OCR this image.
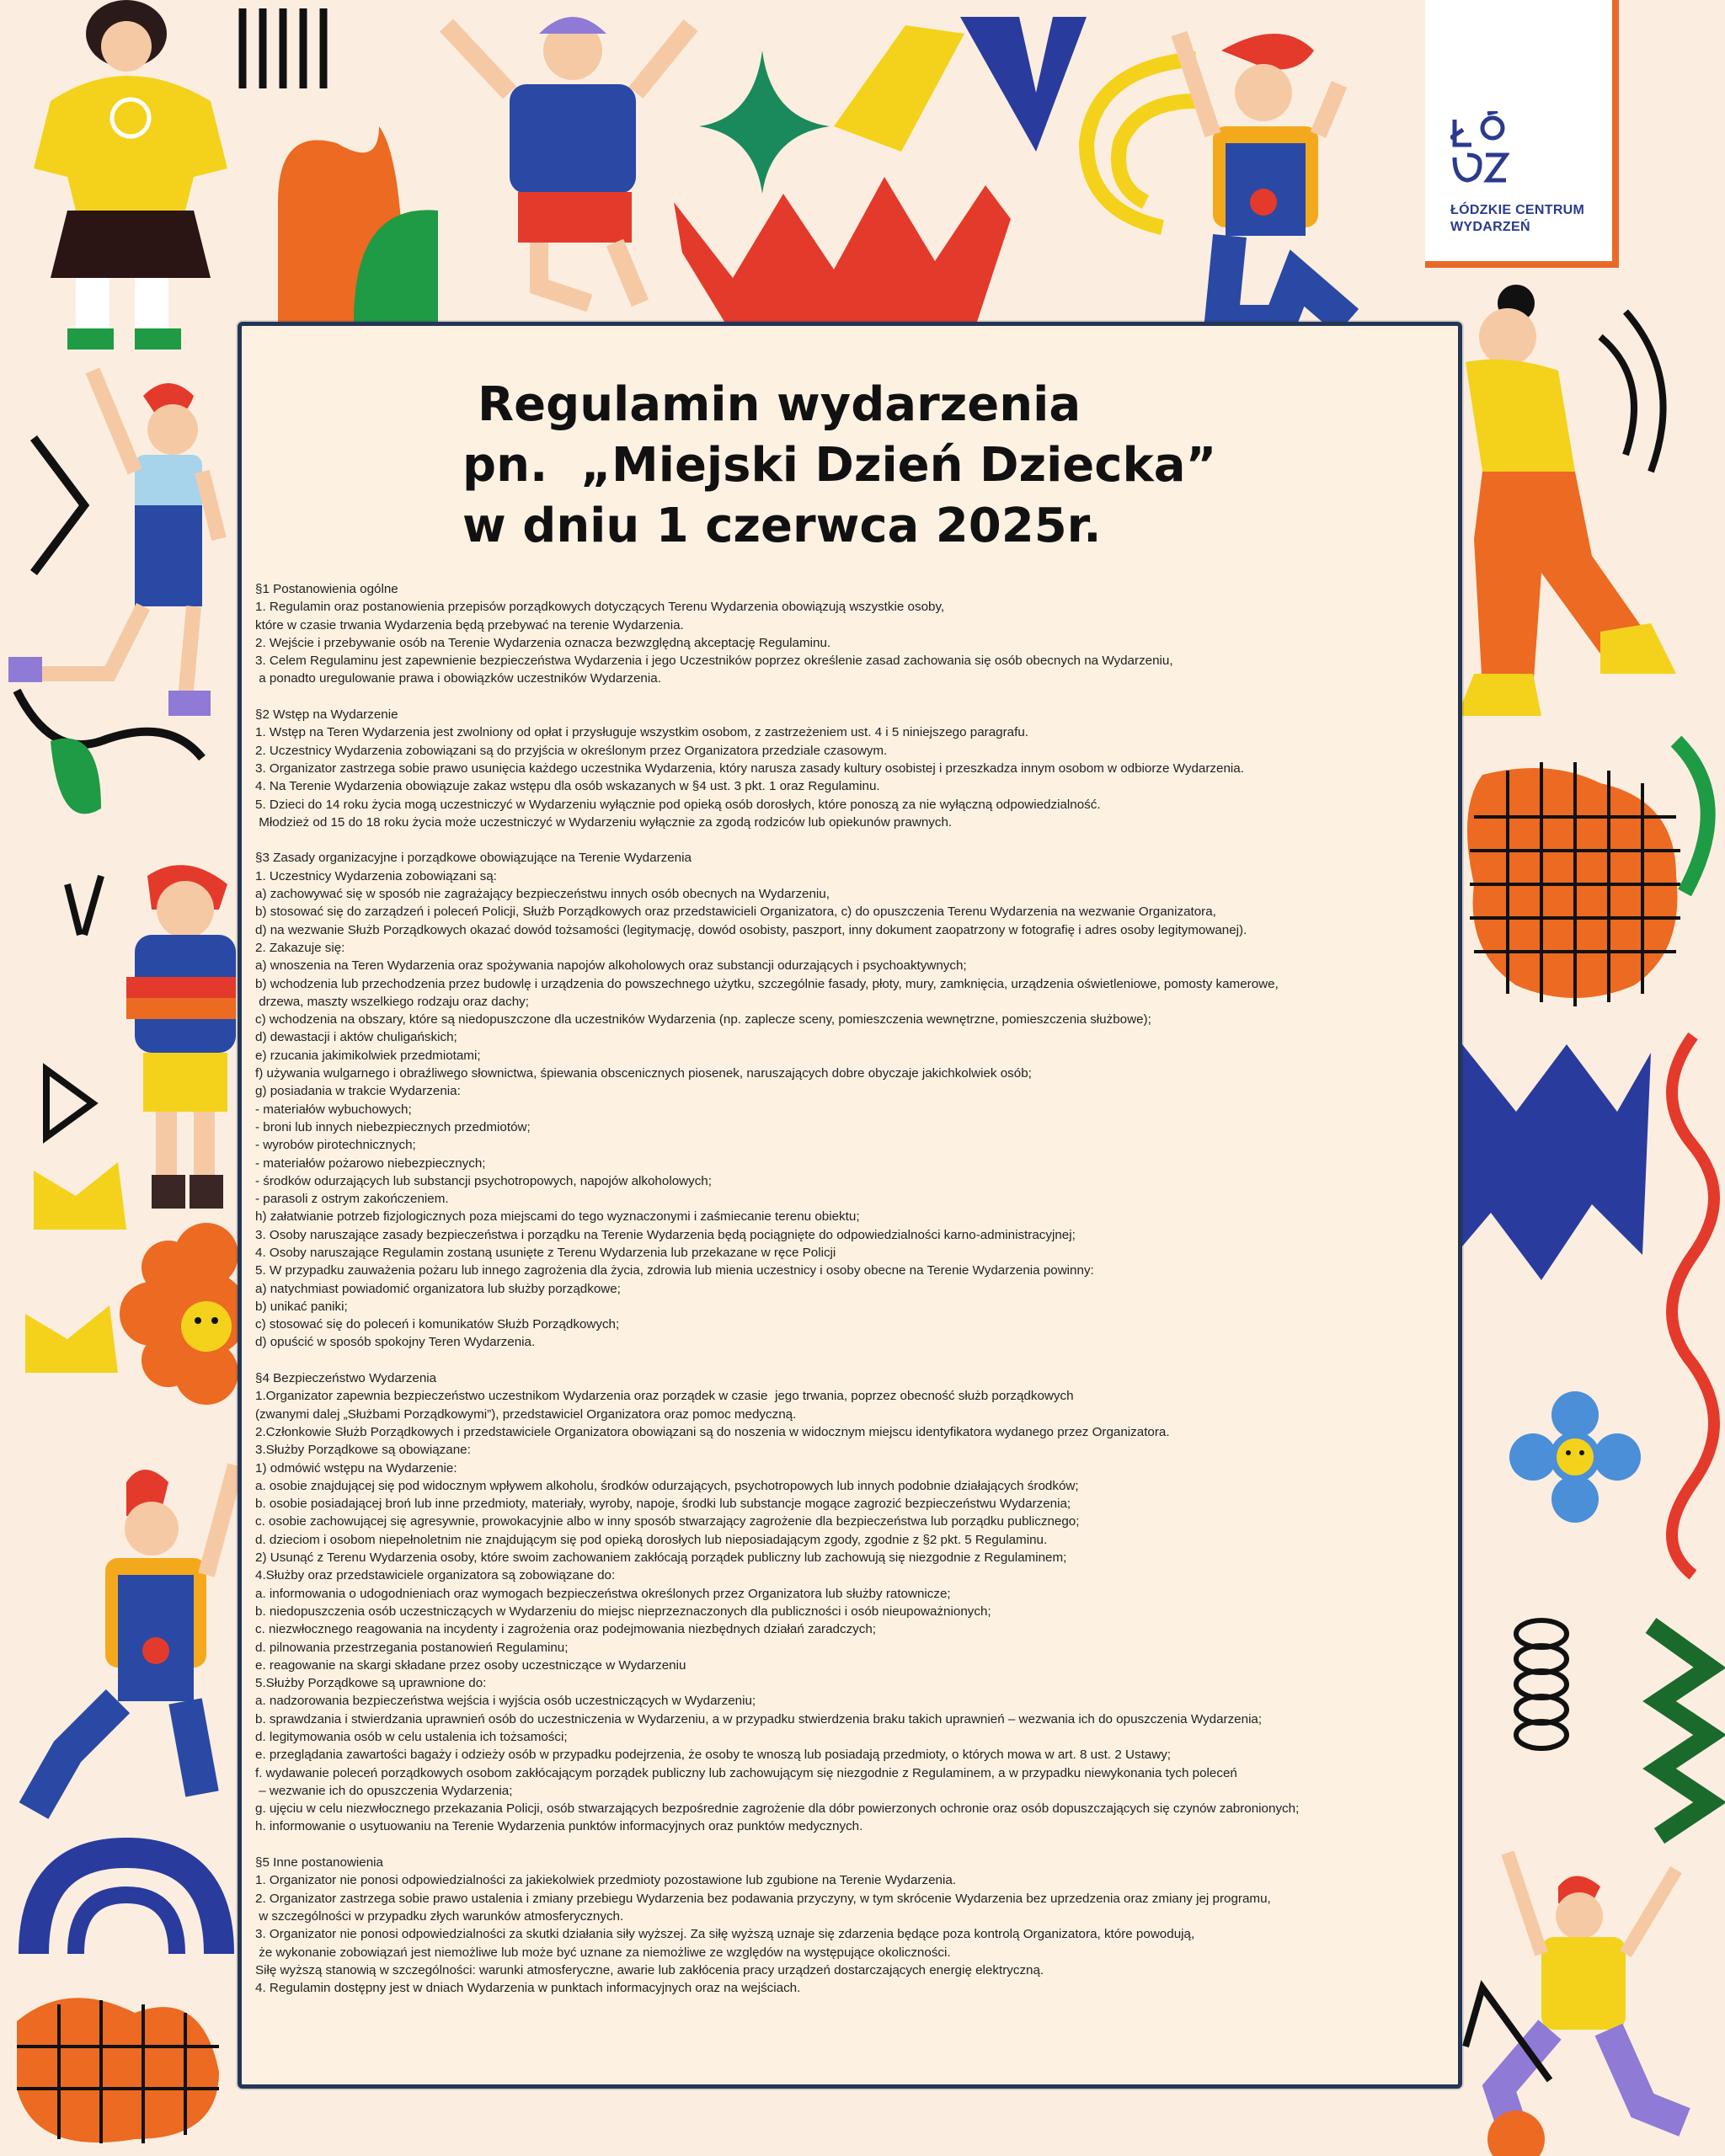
ŁÓDZKIE CENTRUM
WYDARZEŃ
Regulamin wydarzenia
pn.  „Miejski Dzień Dziecka”
w dniu 1 czerwca 2025r.
§1 Postanowienia ogólne
1. Regulamin oraz postanowienia przepisów porządkowych dotyczących Terenu Wydarzenia obowiązują wszystkie osoby,
które w czasie trwania Wydarzenia będą przebywać na terenie Wydarzenia.
2. Wejście i przebywanie osób na Terenie Wydarzenia oznacza bezwzględną akceptację Regulaminu.
3. Celem Regulaminu jest zapewnienie bezpieczeństwa Wydarzenia i jego Uczestników poprzez określenie zasad zachowania się osób obecnych na Wydarzeniu,
a ponadto uregulowanie prawa i obowiązków uczestników Wydarzenia.
§2 Wstęp na Wydarzenie
1. Wstęp na Teren Wydarzenia jest zwolniony od opłat i przysługuje wszystkim osobom, z zastrzeżeniem ust. 4 i 5 niniejszego paragrafu.
2. Uczestnicy Wydarzenia zobowiązani są do przyjścia w określonym przez Organizatora przedziale czasowym.
3. Organizator zastrzega sobie prawo usunięcia każdego uczestnika Wydarzenia, który narusza zasady kultury osobistej i przeszkadza innym osobom w odbiorze Wydarzenia.
4. Na Terenie Wydarzenia obowiązuje zakaz wstępu dla osób wskazanych w §4 ust. 3 pkt. 1 oraz Regulaminu.
5. Dzieci do 14 roku życia mogą uczestniczyć w Wydarzeniu wyłącznie pod opieką osób dorosłych, które ponoszą za nie wyłączną odpowiedzialność.
Młodzież od 15 do 18 roku życia może uczestniczyć w Wydarzeniu wyłącznie za zgodą rodziców lub opiekunów prawnych.
§3 Zasady organizacyjne i porządkowe obowiązujące na Terenie Wydarzenia
1. Uczestnicy Wydarzenia zobowiązani są:
a) zachowywać się w sposób nie zagrażający bezpieczeństwu innych osób obecnych na Wydarzeniu,
b) stosować się do zarządzeń i poleceń Policji, Służb Porządkowych oraz przedstawicieli Organizatora, c) do opuszczenia Terenu Wydarzenia na wezwanie Organizatora,
d) na wezwanie Służb Porządkowych okazać dowód tożsamości (legitymację, dowód osobisty, paszport, inny dokument zaopatrzony w fotografię i adres osoby legitymowanej).
2. Zakazuje się:
a) wnoszenia na Teren Wydarzenia oraz spożywania napojów alkoholowych oraz substancji odurzających i psychoaktywnych;
b) wchodzenia lub przechodzenia przez budowlę i urządzenia do powszechnego użytku, szczególnie fasady, płoty, mury, zamknięcia, urządzenia oświetleniowe, pomosty kamerowe,
drzewa, maszty wszelkiego rodzaju oraz dachy;
c) wchodzenia na obszary, które są niedopuszczone dla uczestników Wydarzenia (np. zaplecze sceny, pomieszczenia wewnętrzne, pomieszczenia służbowe);
d) dewastacji i aktów chuligańskich;
e) rzucania jakimikolwiek przedmiotami;
f) używania wulgarnego i obraźliwego słownictwa, śpiewania obscenicznych piosenek, naruszających dobre obyczaje jakichkolwiek osób;
g) posiadania w trakcie Wydarzenia:
- materiałów wybuchowych;
- broni lub innych niebezpiecznych przedmiotów;
- wyrobów pirotechnicznych;
- materiałów pożarowo niebezpiecznych;
- środków odurzających lub substancji psychotropowych, napojów alkoholowych;
- parasoli z ostrym zakończeniem.
h) załatwianie potrzeb fizjologicznych poza miejscami do tego wyznaczonymi i zaśmiecanie terenu obiektu;
3. Osoby naruszające zasady bezpieczeństwa i porządku na Terenie Wydarzenia będą pociągnięte do odpowiedzialności karno-administracyjnej;
4. Osoby naruszające Regulamin zostaną usunięte z Terenu Wydarzenia lub przekazane w ręce Policji
5. W przypadku zauważenia pożaru lub innego zagrożenia dla życia, zdrowia lub mienia uczestnicy i osoby obecne na Terenie Wydarzenia powinny:
a) natychmiast powiadomić organizatora lub służby porządkowe;
b) unikać paniki;
c) stosować się do poleceń i komunikatów Służb Porządkowych;
d) opuścić w sposób spokojny Teren Wydarzenia.
§4 Bezpieczeństwo Wydarzenia
1.Organizator zapewnia bezpieczeństwo uczestnikom Wydarzenia oraz porządek w czasie  jego trwania, poprzez obecność służb porządkowych
(zwanymi dalej „Służbami Porządkowymi”), przedstawiciel Organizatora oraz pomoc medyczną.
2.Członkowie Służb Porządkowych i przedstawiciele Organizatora obowiązani są do noszenia w widocznym miejscu identyfikatora wydanego przez Organizatora.
3.Służby Porządkowe są obowiązane:
1) odmówić wstępu na Wydarzenie:
a. osobie znajdującej się pod widocznym wpływem alkoholu, środków odurzających, psychotropowych lub innych podobnie działających środków;
b. osobie posiadającej broń lub inne przedmioty, materiały, wyroby, napoje, środki lub substancje mogące zagrozić bezpieczeństwu Wydarzenia;
c. osobie zachowującej się agresywnie, prowokacyjnie albo w inny sposób stwarzający zagrożenie dla bezpieczeństwa lub porządku publicznego;
d. dzieciom i osobom niepełnoletnim nie znajdującym się pod opieką dorosłych lub nieposiadającym zgody, zgodnie z §2 pkt. 5 Regulaminu.
2) Usunąć z Terenu Wydarzenia osoby, które swoim zachowaniem zakłócają porządek publiczny lub zachowują się niezgodnie z Regulaminem;
4.Służby oraz przedstawiciele organizatora są zobowiązane do:
a. informowania o udogodnieniach oraz wymogach bezpieczeństwa określonych przez Organizatora lub służby ratownicze;
b. niedopuszczenia osób uczestniczących w Wydarzeniu do miejsc nieprzeznaczonych dla publiczności i osób nieupoważnionych;
c. niezwłocznego reagowania na incydenty i zagrożenia oraz podejmowania niezbędnych działań zaradczych;
d. pilnowania przestrzegania postanowień Regulaminu;
e. reagowanie na skargi składane przez osoby uczestniczące w Wydarzeniu
5.Służby Porządkowe są uprawnione do:
a. nadzorowania bezpieczeństwa wejścia i wyjścia osób uczestniczących w Wydarzeniu;
b. sprawdzania i stwierdzania uprawnień osób do uczestniczenia w Wydarzeniu, a w przypadku stwierdzenia braku takich uprawnień – wezwania ich do opuszczenia Wydarzenia;
d. legitymowania osób w celu ustalenia ich tożsamości;
e. przeglądania zawartości bagaży i odzieży osób w przypadku podejrzenia, że osoby te wnoszą lub posiadają przedmioty, o których mowa w art. 8 ust. 2 Ustawy;
f. wydawanie poleceń porządkowych osobom zakłócającym porządek publiczny lub zachowującym się niezgodnie z Regulaminem, a w przypadku niewykonania tych poleceń
– wezwanie ich do opuszczenia Wydarzenia;
g. ujęciu w celu niezwłocznego przekazania Policji, osób stwarzających bezpośrednie zagrożenie dla dóbr powierzonych ochronie oraz osób dopuszczających się czynów zabronionych;
h. informowanie o usytuowaniu na Terenie Wydarzenia punktów informacyjnych oraz punktów medycznych.
§5 Inne postanowienia
1. Organizator nie ponosi odpowiedzialności za jakiekolwiek przedmioty pozostawione lub zgubione na Terenie Wydarzenia.
2. Organizator zastrzega sobie prawo ustalenia i zmiany przebiegu Wydarzenia bez podawania przyczyny, w tym skrócenie Wydarzenia bez uprzedzenia oraz zmiany jej programu,
w szczególności w przypadku złych warunków atmosferycznych.
3. Organizator nie ponosi odpowiedzialności za skutki działania siły wyższej. Za siłę wyższą uznaje się zdarzenia będące poza kontrolą Organizatora, które powodują,
że wykonanie zobowiązań jest niemożliwe lub może być uznane za niemożliwe ze względów na występujące okoliczności.
Siłę wyższą stanowią w szczególności: warunki atmosferyczne, awarie lub zakłócenia pracy urządzeń dostarczających energię elektryczną.
4. Regulamin dostępny jest w dniach Wydarzenia w punktach informacyjnych oraz na wejściach.
